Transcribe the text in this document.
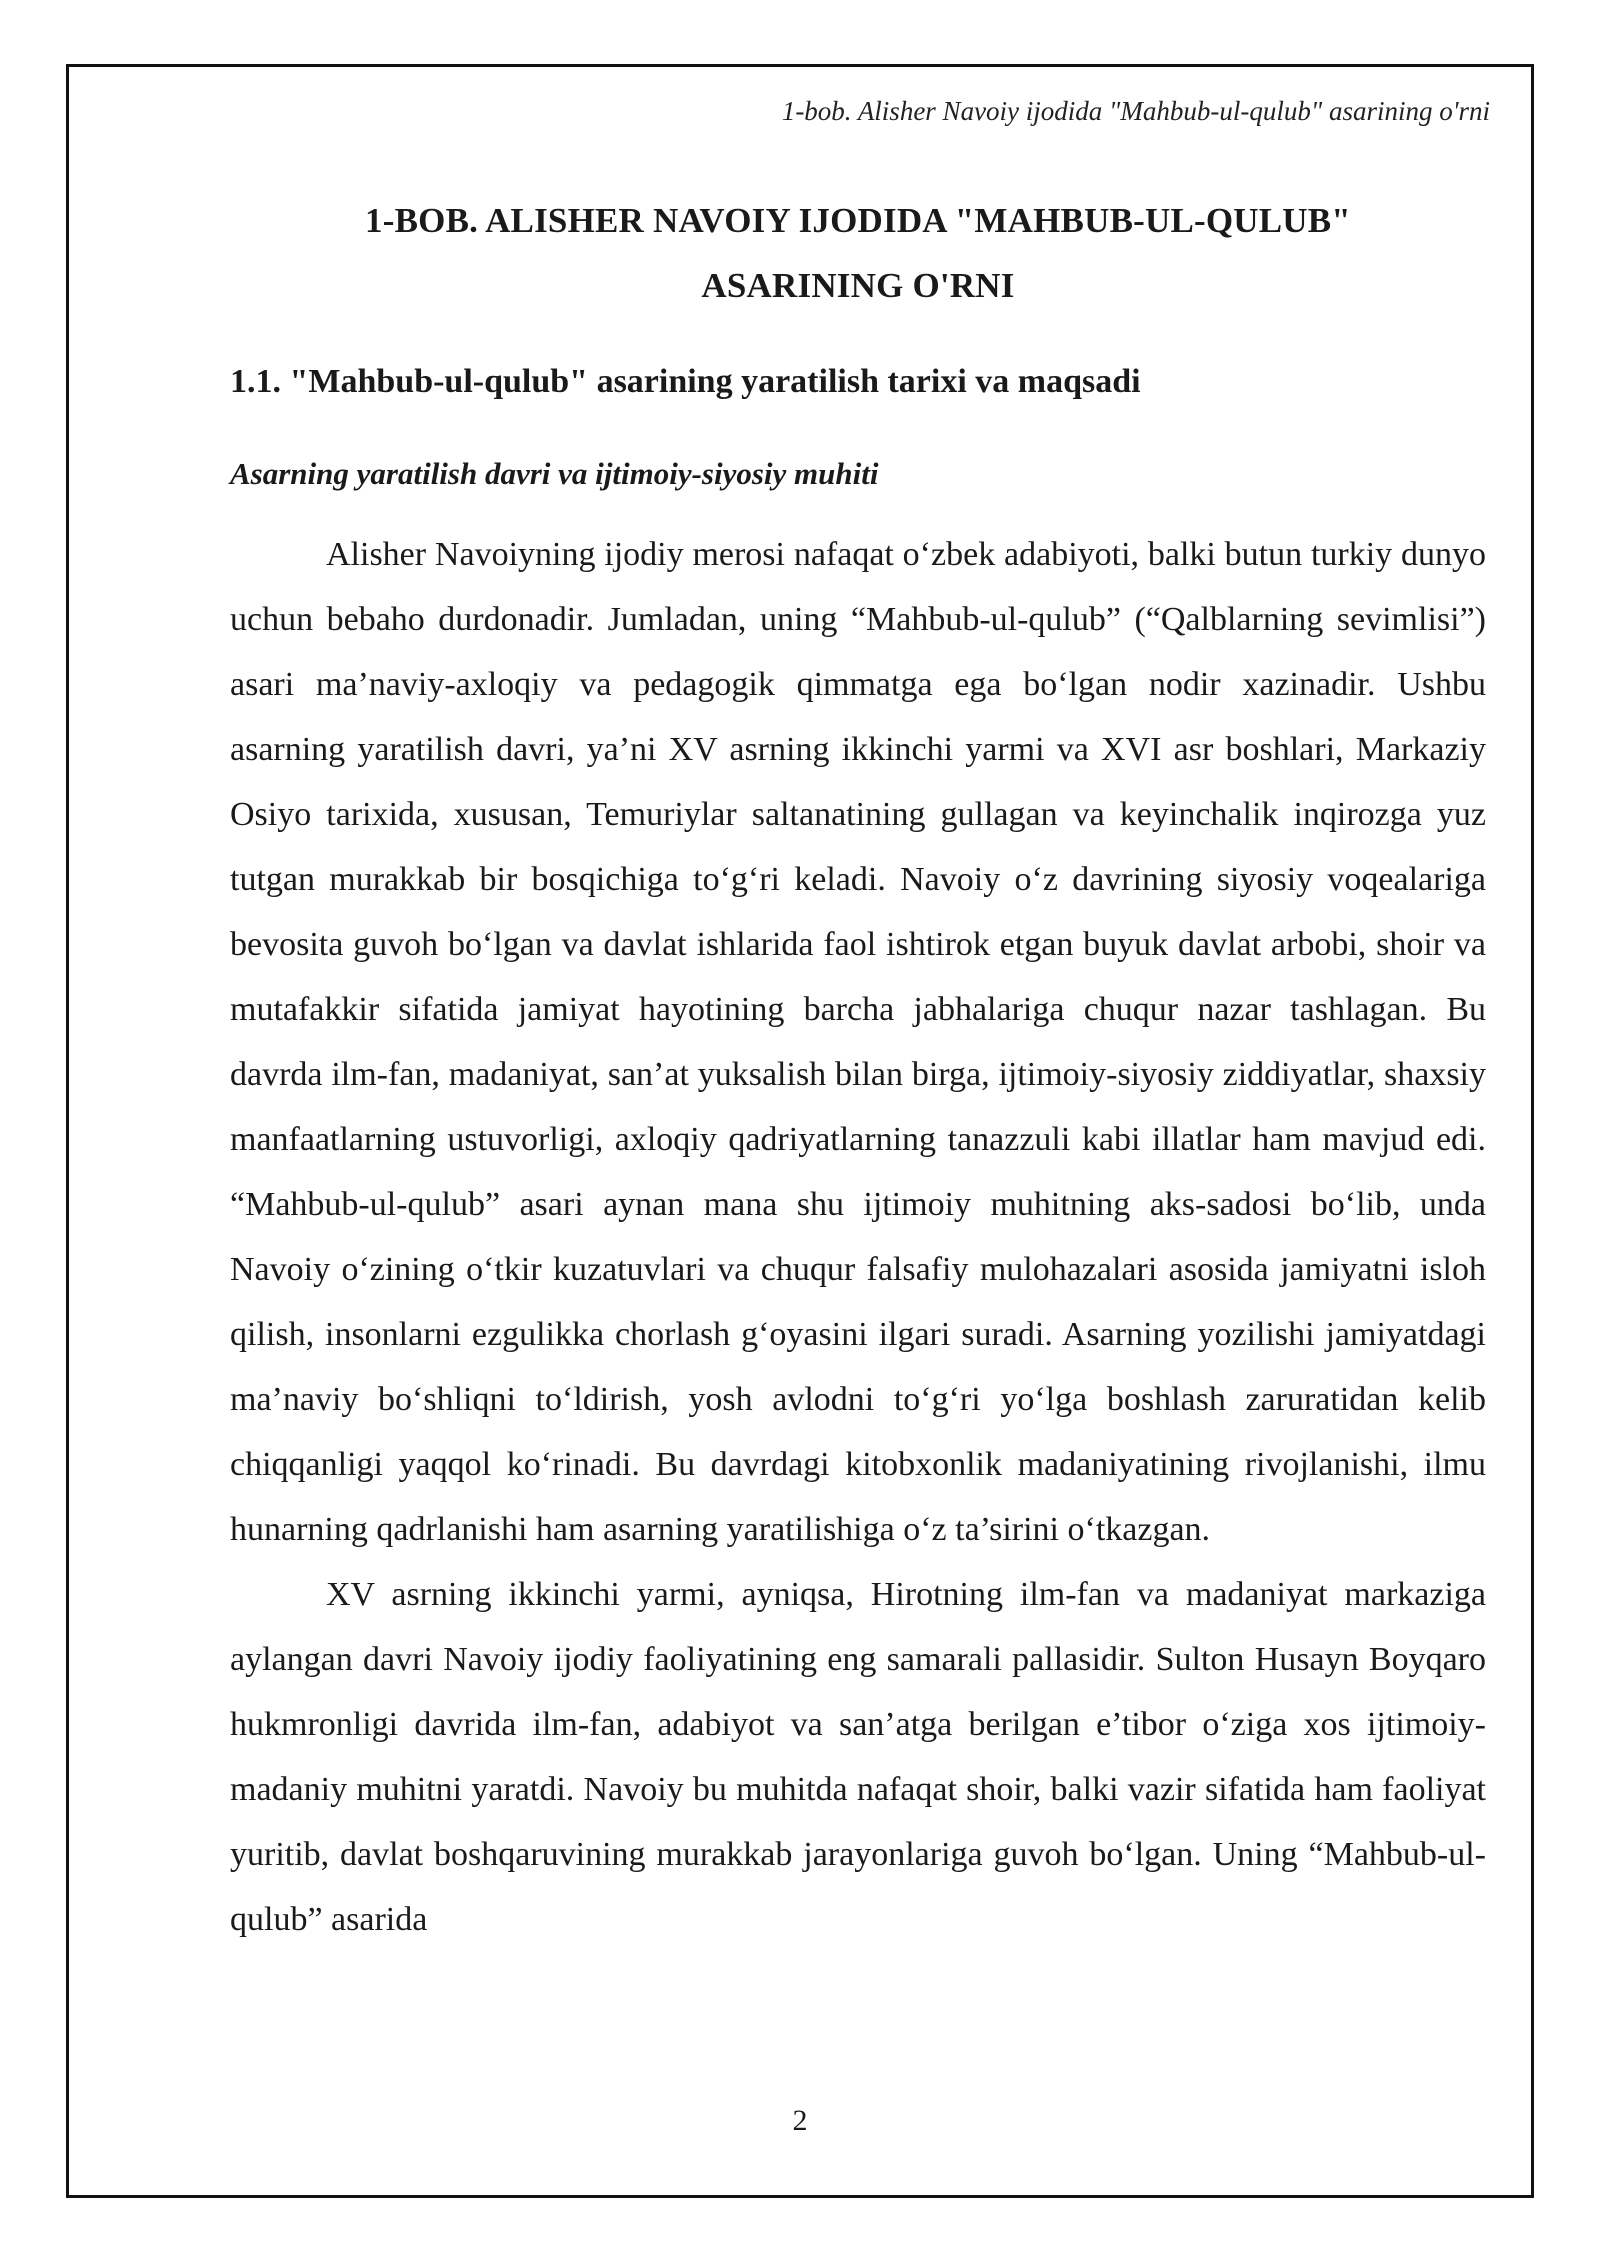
1-bob. Alisher Navoiy ijodida "Mahbub-ul-qulub" asarining o'rni
1-BOB. ALISHER NAVOIY IJODIDA "MAHBUB-UL-QULUB"
ASARINING O'RNI
1.1. "Mahbub-ul-qulub" asarining yaratilish tarixi va maqsadi
Asarning yaratilish davri va ijtimoiy-siyosiy muhiti

Alisher Navoiyning ijodiy merosi nafaqat o‘zbek adabiyoti, balki butun turkiy dunyo uchun bebaho durdonadir. Jumladan, uning “Mahbub-ul-qulub” (“Qalblarning sevimlisi”) asari ma’naviy-axloqiy va pedagogik qimmatga ega bo‘lgan nodir xazinadir. Ushbu asarning yaratilish davri, ya’ni XV asrning ikkinchi yarmi va XVI asr boshlari, Markaziy Osiyo tarixida, xususan, Temuriylar saltanatining gullagan va keyinchalik inqirozga yuz tutgan murakkab bir bosqichiga to‘g‘ri keladi. Navoiy o‘z davrining siyosiy voqealariga bevosita guvoh bo‘lgan va davlat ishlarida faol ishtirok etgan buyuk davlat arbobi, shoir va mutafakkir sifatida jamiyat hayotining barcha jabhalariga chuqur nazar tashlagan. Bu davrda ilm-fan, madaniyat, san’at yuksalish bilan birga, ijtimoiy-siyosiy ziddiyatlar, shaxsiy manfaatlarning ustuvorligi, axloqiy qadriyatlarning tanazzuli kabi illatlar ham mavjud edi. “Mahbub-ul-qulub” asari aynan mana shu ijtimoiy muhitning aks-sadosi bo‘lib, unda Navoiy o‘zining o‘tkir kuzatuvlari va chuqur falsafiy mulohazalari asosida jamiyatni isloh qilish, insonlarni ezgulikka chorlash g‘oyasini ilgari suradi. Asarning yozilishi jamiyatdagi ma’naviy bo‘shliqni to‘ldirish, yosh avlodni to‘g‘ri yo‘lga boshlash zaruratidan kelib chiqqanligi yaqqol ko‘rinadi. Bu davrdagi kitobxonlik madaniyatining rivojlanishi, ilmu hunarning qadrlanishi ham asarning yaratilishiga o‘z ta’sirini o‘tkazgan.

XV asrning ikkinchi yarmi, ayniqsa, Hirotning ilm-fan va madaniyat markaziga aylangan davri Navoiy ijodiy faoliyatining eng samarali pallasidir. Sulton Husayn Boyqaro hukmronligi davrida ilm-fan, adabiyot va san’atga berilgan e’tibor o‘ziga xos ijtimoiy-madaniy muhitni yaratdi. Navoiy bu muhitda nafaqat shoir, balki vazir sifatida ham faoliyat yuritib, davlat boshqaruvining murakkab jarayonlariga guvoh bo‘lgan. Uning “Mahbub-ul-qulub” asarida

2
